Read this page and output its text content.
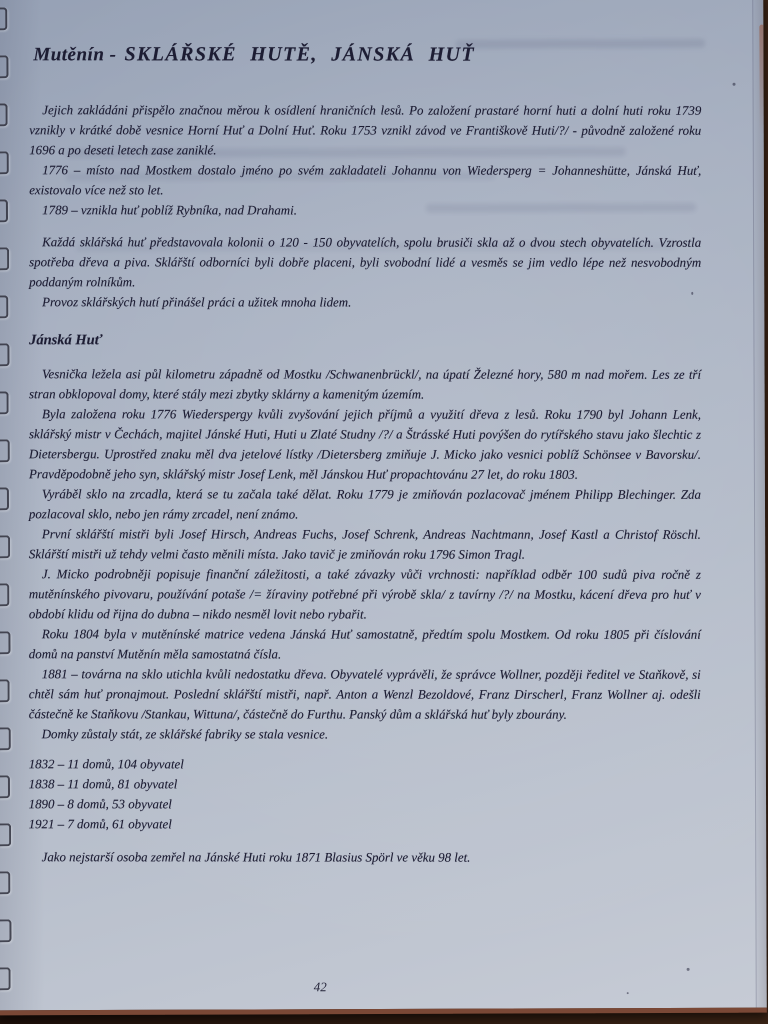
Mutěnín - SKLÁŘSKÉ HUTĚ, JÁNSKÁ HUŤ

Jejich zakládáni přispělo značnou měrou k osídlení hraničních lesů. Po založení prastaré horní huti a dolní huti roku 1739 vznikly v krátké době vesnice Horní Huť a Dolní Huť. Roku 1753 vznikl závod ve Františkově Huti/?/ - původně založené roku 1696 a po deseti letech zase zaniklé.

1776 – místo nad Mostkem dostalo jméno po svém zakladateli Johannu von Wiedersperg = Johanneshütte, Jánská Huť, existovalo více než sto let.

1789 – vznikla huť poblíž Rybníka, nad Drahami.

Každá sklářská huť představovala kolonii o 120 - 150 obyvatelích, spolu brusiči skla až o dvou stech obyvatelích. Vzrostla spotřeba dřeva a piva. Sklářští odborníci byli dobře placeni, byli svobodní lidé a vesměs se jim vedlo lépe než nesvobodným poddaným rolníkům.

Provoz sklářských hutí přinášel práci a užitek mnoha lidem.

Jánská Huť

Vesnička ležela asi půl kilometru západně od Mostku /Schwanenbrückl/, na úpatí Železné hory, 580 m nad mořem. Les ze tří stran obklopoval domy, které stály mezi zbytky sklárny a kamenitým územím.

Byla založena roku 1776 Wiederspergy kvůli zvyšování jejich příjmů a využití dřeva z lesů. Roku 1790 byl Johann Lenk, sklářský mistr v Čechách, majitel Jánské Huti, Huti u Zlaté Studny /?/ a Štrásské Huti povýšen do rytířského stavu jako šlechtic z Dietersbergu. Uprostřed znaku měl dva jetelové lístky /Dietersberg zmiňuje J. Micko jako vesnici poblíž Schönsee v Bavorsku/. Pravděpodobně jeho syn, sklářský mistr Josef Lenk, měl Jánskou Huť propachtovánu 27 let, do roku 1803.

Vyráběl sklo na zrcadla, která se tu začala také dělat. Roku 1779 je zmiňován pozlacovač jménem Philipp Blechinger. Zda pozlacoval sklo, nebo jen rámy zrcadel, není známo.

První sklářští mistři byli Josef Hirsch, Andreas Fuchs, Josef Schrenk, Andreas Nachtmann, Josef Kastl a Christof Röschl. Sklářští mistři už tehdy velmi často měnili místa. Jako tavič je zmiňován roku 1796 Simon Tragl.

J. Micko podrobněji popisuje finanční záležitosti, a také závazky vůči vrchnosti: například odběr 100 sudů piva ročně z mutěnínského pivovaru, používání potaše /= žíraviny potřebné při výrobě skla/ z tavírny /?/ na Mostku, kácení dřeva pro huť v období klidu od řijna do dubna – nikdo nesměl lovit nebo rybařit.

Roku 1804 byla v mutěnínské matrice vedena Jánská Huť samostatně, předtím spolu Mostkem. Od roku 1805 při číslování domů na panství Mutěnín měla samostatná čísla.

1881 – továrna na sklo utichla kvůli nedostatku dřeva. Obyvatelé vyprávěli, že správce Wollner, později ředitel ve Staňkově, si chtěl sám huť pronajmout. Poslední sklářští mistři, např. Anton a Wenzl Bezoldové, Franz Dirscherl, Franz Wollner aj. odešli částečně ke Staňkovu /Stankau, Wittuna/, částečně do Furthu. Panský dům a sklářská huť byly zbourány.

Domky zůstaly stát, ze sklářské fabriky se stala vesnice.

1832 – 11 domů, 104 obyvatel

1838 – 11 domů, 81 obyvatel

1890 – 8 domů, 53 obyvatel

1921 – 7 domů, 61 obyvatel

Jako nejstarší osoba zemřel na Jánské Huti roku 1871 Blasius Spörl ve věku 98 let.

42
